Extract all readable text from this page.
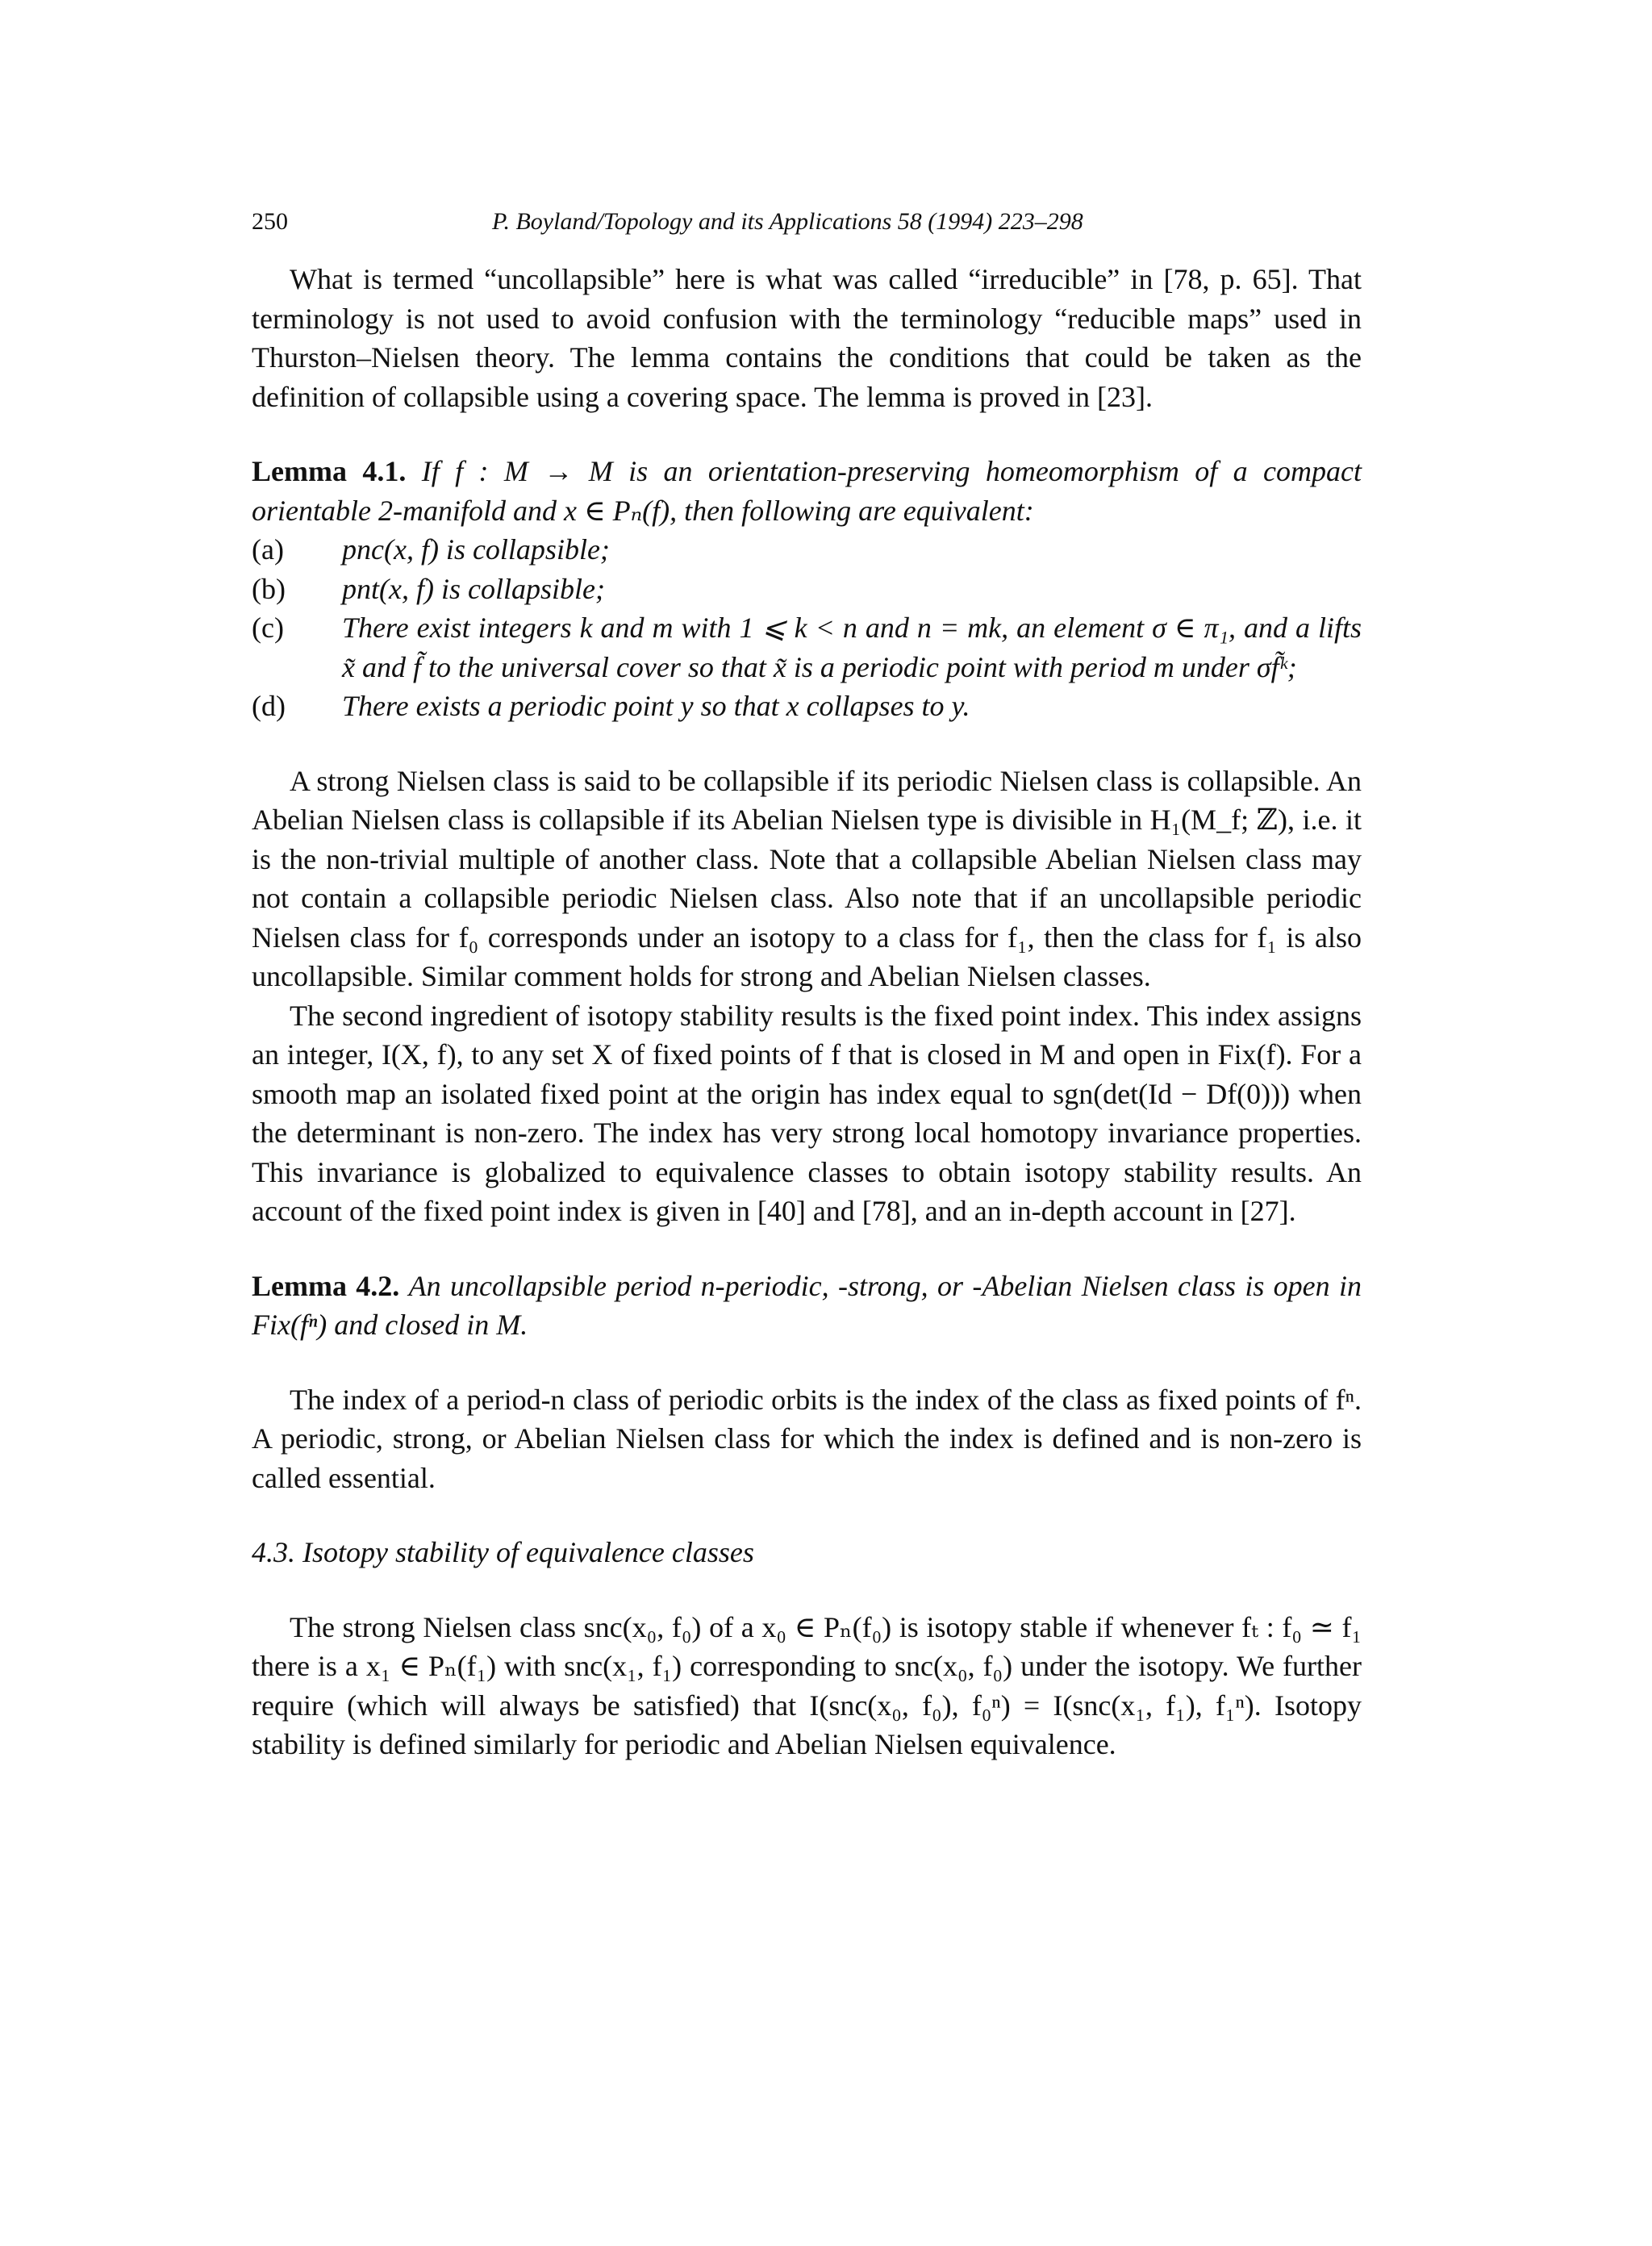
250	P. Boyland/Topology and its Applications 58 (1994) 223–298

What is termed “uncollapsible” here is what was called “irreducible” in [78, p. 65]. That terminology is not used to avoid confusion with the terminology “reducible maps” used in Thurston–Nielsen theory. The lemma contains the conditions that could be taken as the definition of collapsible using a covering space. The lemma is proved in [23].

Lemma 4.1. If f : M → M is an orientation-preserving homeomorphism of a compact orientable 2-manifold and x ∈ Pₙ(f), then following are equivalent:

(a)	pnc(x, f) is collapsible;
(b)	pnt(x, f) is collapsible;
(c)	There exist integers k and m with 1 ⩽ k < n and n = mk, an element σ ∈ π₁, and a lifts x̃ and f̃ to the universal cover so that x̃ is a periodic point with period m under σf̃ᵏ;
(d)	There exists a periodic point y so that x collapses to y.

A strong Nielsen class is said to be collapsible if its periodic Nielsen class is collapsible. An Abelian Nielsen class is collapsible if its Abelian Nielsen type is divisible in H₁(M_f; ℤ), i.e. it is the non-trivial multiple of another class. Note that a collapsible Abelian Nielsen class may not contain a collapsible periodic Nielsen class. Also note that if an uncollapsible periodic Nielsen class for f₀ corresponds under an isotopy to a class for f₁, then the class for f₁ is also uncollapsible. Similar comment holds for strong and Abelian Nielsen classes.

The second ingredient of isotopy stability results is the fixed point index. This index assigns an integer, I(X, f), to any set X of fixed points of f that is closed in M and open in Fix(f). For a smooth map an isolated fixed point at the origin has index equal to sgn(det(Id − Df(0))) when the determinant is non-zero. The index has very strong local homotopy invariance properties. This invariance is globalized to equivalence classes to obtain isotopy stability results. An account of the fixed point index is given in [40] and [78], and an in-depth account in [27].

Lemma 4.2. An uncollapsible period n-periodic, -strong, or -Abelian Nielsen class is open in Fix(fⁿ) and closed in M.

The index of a period-n class of periodic orbits is the index of the class as fixed points of fⁿ. A periodic, strong, or Abelian Nielsen class for which the index is defined and is non-zero is called essential.

4.3. Isotopy stability of equivalence classes

The strong Nielsen class snc(x₀, f₀) of a x₀ ∈ Pₙ(f₀) is isotopy stable if whenever fₜ : f₀ ≃ f₁ there is a x₁ ∈ Pₙ(f₁) with snc(x₁, f₁) corresponding to snc(x₀, f₀) under the isotopy. We further require (which will always be satisfied) that I(snc(x₀, f₀), f₀ⁿ) = I(snc(x₁, f₁), f₁ⁿ). Isotopy stability is defined similarly for periodic and Abelian Nielsen equivalence.
